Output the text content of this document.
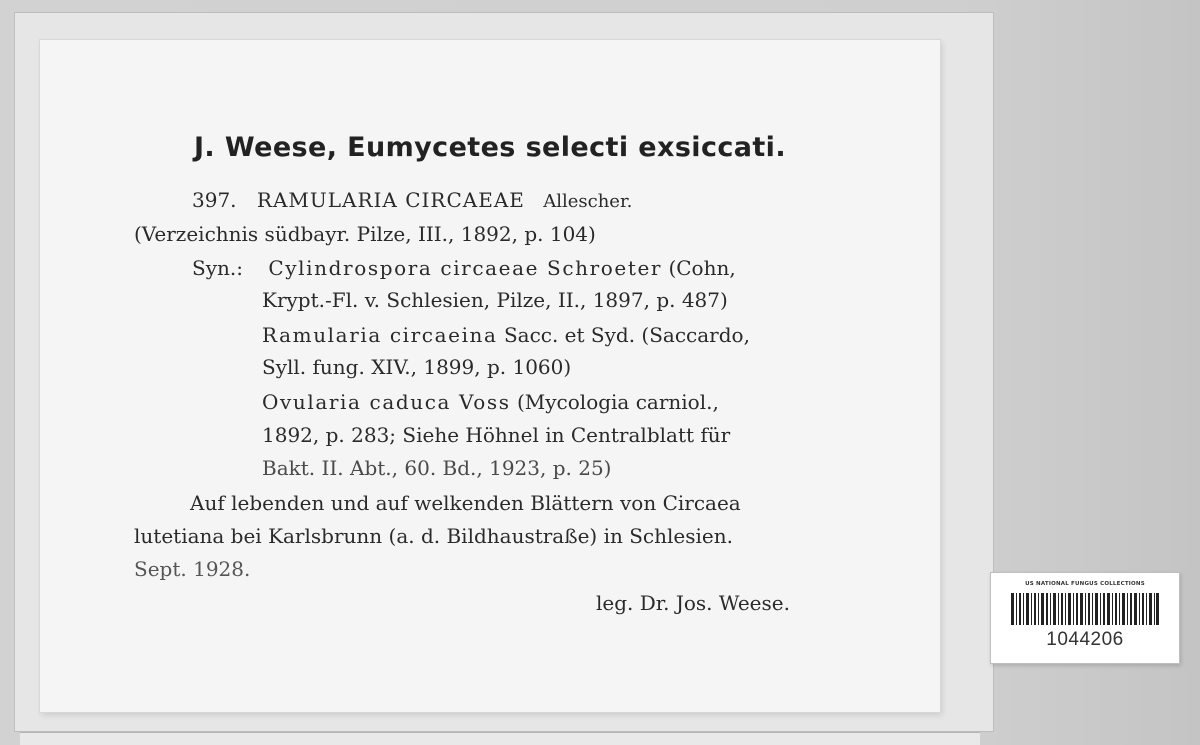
J. Weese, Eumycetes selecti exsiccati.
397. RAMULARIA CIRCAEAE Allescher.
(Verzeichnis südbayr. Pilze, III., 1892, p. 104)
Syn.: Cylindrospora circaeae Schroeter (Cohn,
Krypt.-Fl. v. Schlesien, Pilze, II., 1897, p. 487)
Ramularia circaeina Sacc. et Syd. (Saccardo,
Syll. fung. XIV., 1899, p. 1060)
Ovularia caduca Voss (Mycologia carniol.,
1892, p. 283; Siehe Höhnel in Centralblatt für
Bakt. II. Abt., 60. Bd., 1923, p. 25)
Auf lebenden und auf welkenden Blättern von Circaea
lutetiana bei Karlsbrunn (a. d. Bildhaustraße) in Schlesien.
Sept. 1928.
leg. Dr. Jos. Weese.
US NATIONAL FUNGUS COLLECTIONS
1044206
